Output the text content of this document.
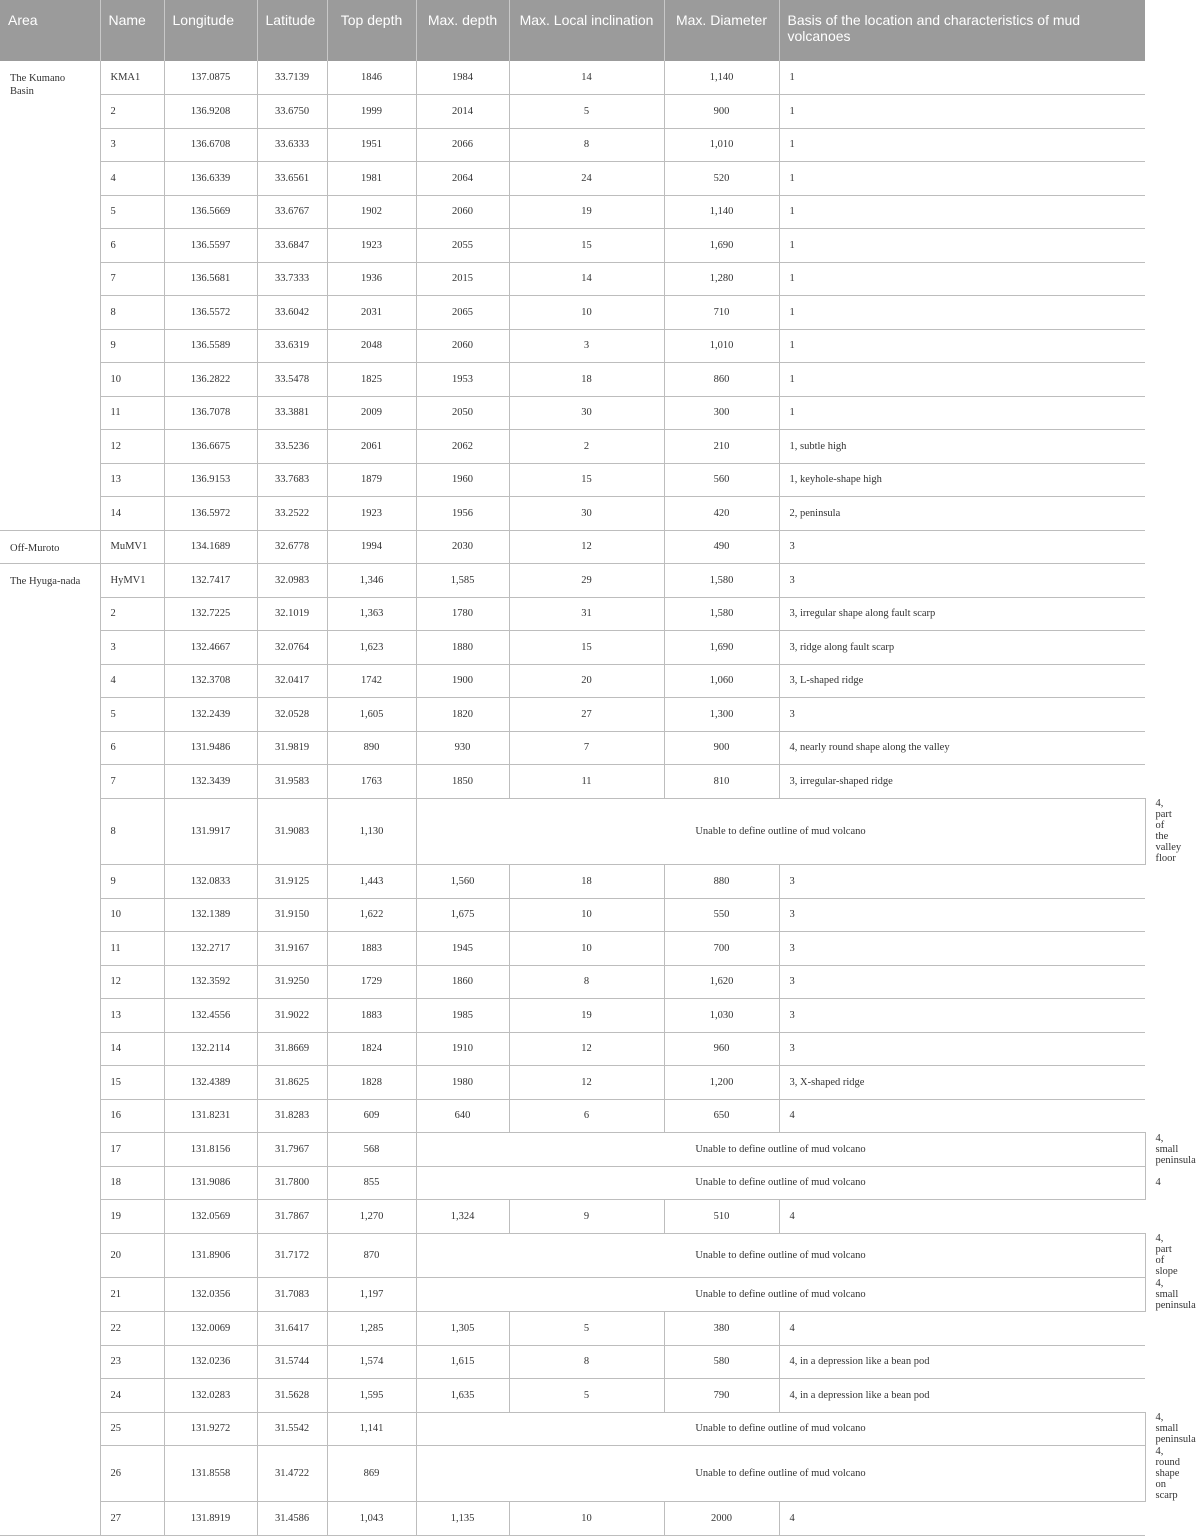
Area	Name	Longitude	Latitude	Top depth	Max. depth	Max. Local inclination	Max. Diameter	Basis of the location and characteristics of mud volcanoes	
The Kumano Basin	KMA1	137.0875	33.7139	1846	1984	14	1,140	1	
	2	136.9208	33.6750	1999	2014	5	900	1	
	3	136.6708	33.6333	1951	2066	8	1,010	1	
	4	136.6339	33.6561	1981	2064	24	520	1	
	5	136.5669	33.6767	1902	2060	19	1,140	1	
	6	136.5597	33.6847	1923	2055	15	1,690	1	
	7	136.5681	33.7333	1936	2015	14	1,280	1	
	8	136.5572	33.6042	2031	2065	10	710	1	
	9	136.5589	33.6319	2048	2060	3	1,010	1	
	10	136.2822	33.5478	1825	1953	18	860	1	
	11	136.7078	33.3881	2009	2050	30	300	1	
	12	136.6675	33.5236	2061	2062	2	210	1, subtle high	
	13	136.9153	33.7683	1879	1960	15	560	1, keyhole-shape high	
	14	136.5972	33.2522	1923	1956	30	420	2, peninsula	
Off-Muroto	MuMV1	134.1689	32.6778	1994	2030	12	490	3	
The Hyuga-nada	HyMV1	132.7417	32.0983	1,346	1,585	29	1,580	3	
	2	132.7225	32.1019	1,363	1780	31	1,580	3, irregular shape along fault scarp	
	3	132.4667	32.0764	1,623	1880	15	1,690	3, ridge along fault scarp	
	4	132.3708	32.0417	1742	1900	20	1,060	3, L-shaped ridge	
	5	132.2439	32.0528	1,605	1820	27	1,300	3	
	6	131.9486	31.9819	890	930	7	900	4, nearly round shape along the valley	
	7	132.3439	31.9583	1763	1850	11	810	3, irregular-shaped ridge	
	8	131.9917	31.9083	1,130	Unable to define outline of mud volcano				4, part of the valley floor
	9	132.0833	31.9125	1,443	1,560	18	880	3	
	10	132.1389	31.9150	1,622	1,675	10	550	3	
	11	132.2717	31.9167	1883	1945	10	700	3	
	12	132.3592	31.9250	1729	1860	8	1,620	3	
	13	132.4556	31.9022	1883	1985	19	1,030	3	
	14	132.2114	31.8669	1824	1910	12	960	3	
	15	132.4389	31.8625	1828	1980	12	1,200	3, X-shaped ridge	
	16	131.8231	31.8283	609	640	6	650	4	
	17	131.8156	31.7967	568	Unable to define outline of mud volcano				4, small peninsula
	18	131.9086	31.7800	855	Unable to define outline of mud volcano				4
	19	132.0569	31.7867	1,270	1,324	9	510	4	
	20	131.8906	31.7172	870	Unable to define outline of mud volcano				4, part of slope
	21	132.0356	31.7083	1,197	Unable to define outline of mud volcano				4, small peninsula
	22	132.0069	31.6417	1,285	1,305	5	380	4	
	23	132.0236	31.5744	1,574	1,615	8	580	4, in a depression like a bean pod	
	24	132.0283	31.5628	1,595	1,635	5	790	4, in a depression like a bean pod	
	25	131.9272	31.5542	1,141	Unable to define outline of mud volcano				4, small peninsula
	26	131.8558	31.4722	869	Unable to define outline of mud volcano				4, round shape on scarp
	27	131.8919	31.4586	1,043	1,135	10	2000	4	
